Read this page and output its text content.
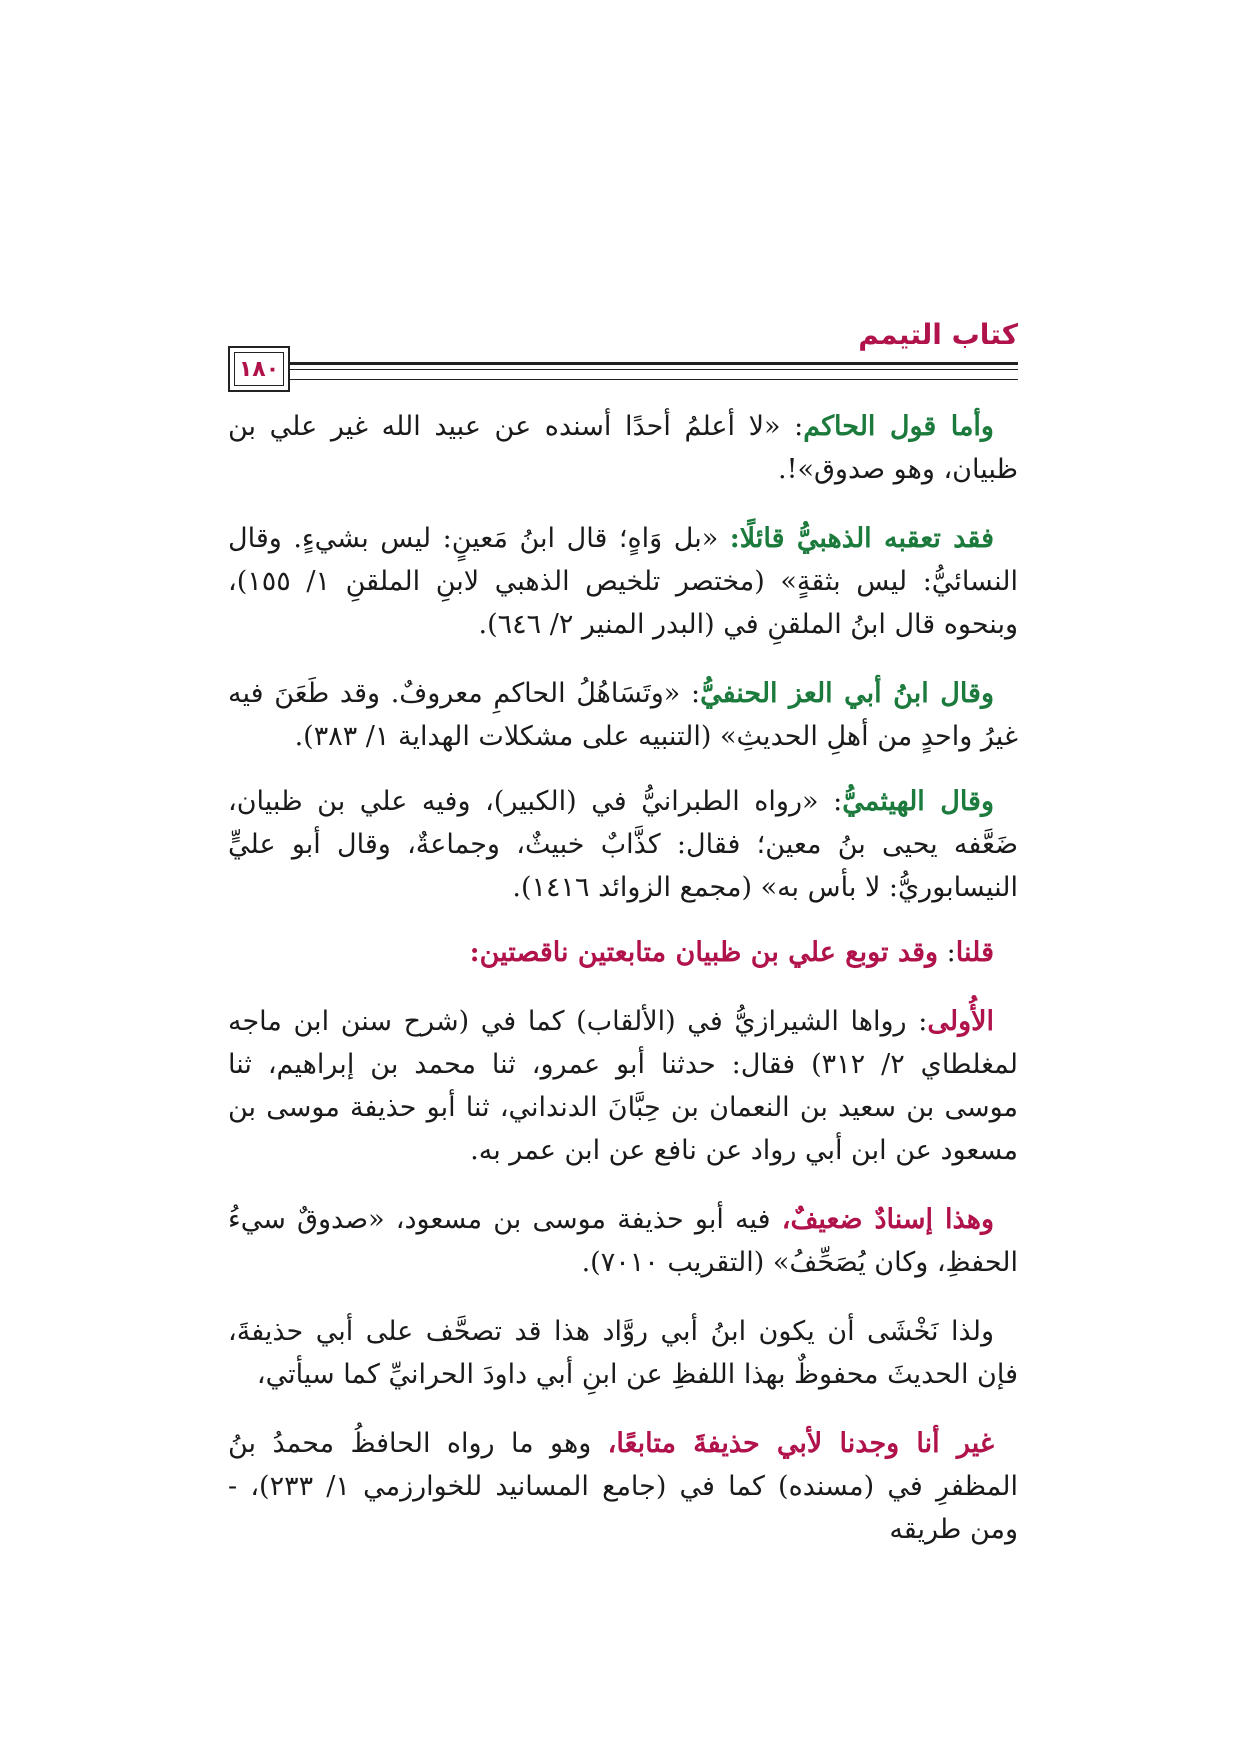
كتاب التيمم
١٨٠

وأما قول الحاكم: «لا أعلمُ أحدًا أسنده عن عبيد الله غير علي بن ظبيان، وهو صدوق»!.

فقد تعقبه الذهبيُّ قائلًا: «بل وَاهٍ؛ قال ابنُ مَعينٍ: ليس بشيءٍ. وقال النسائيُّ: ليس بثقةٍ» (مختصر تلخيص الذهبي لابنِ الملقنِ ١/ ١٥٥)، وبنحوه قال ابنُ الملقنِ في (البدر المنير ٢/ ٦٤٦).

وقال ابنُ أبي العز الحنفيُّ: «وتَسَاهُلُ الحاكمِ معروفٌ. وقد طَعَنَ فيه غيرُ واحدٍ من أهلِ الحديثِ» (التنبيه على مشكلات الهداية ١/ ٣٨٣).

وقال الهيثميُّ: «رواه الطبرانيُّ في (الكبير)، وفيه علي بن ظبيان، ضَعَّفه يحيى بنُ معين؛ فقال: كذَّابٌ خبيثٌ، وجماعةٌ، وقال أبو عليٍّ النيسابوريُّ: لا بأس به» (مجمع الزوائد ١٤١٦).

قلنا: وقد توبع علي بن ظبيان متابعتين ناقصتين:

الأُولى: رواها الشيرازيُّ في (الألقاب) كما في (شرح سنن ابن ماجه لمغلطاي ٢/ ٣١٢) فقال: حدثنا أبو عمرو، ثنا محمد بن إبراهيم، ثنا موسى بن سعيد بن النعمان بن حِبَّانَ الدنداني، ثنا أبو حذيفة موسى بن مسعود عن ابن أبي رواد عن نافع عن ابن عمر به.

وهذا إسنادٌ ضعيفٌ، فيه أبو حذيفة موسى بن مسعود، «صدوقٌ سيءُ الحفظِ، وكان يُصَحِّفُ» (التقريب ٧٠١٠).

ولذا نَخْشَى أن يكون ابنُ أبي روَّاد هذا قد تصحَّف على أبي حذيفةَ، فإن الحديثَ محفوظٌ بهذا اللفظِ عن ابنِ أبي داودَ الحرانيِّ كما سيأتي،

غير أنا وجدنا لأبي حذيفةَ متابعًا، وهو ما رواه الحافظُ محمدُ بنُ المظفرِ في (مسنده) كما في (جامع المسانيد للخوارزمي ١/ ٢٣٣)، - ومن طريقه
